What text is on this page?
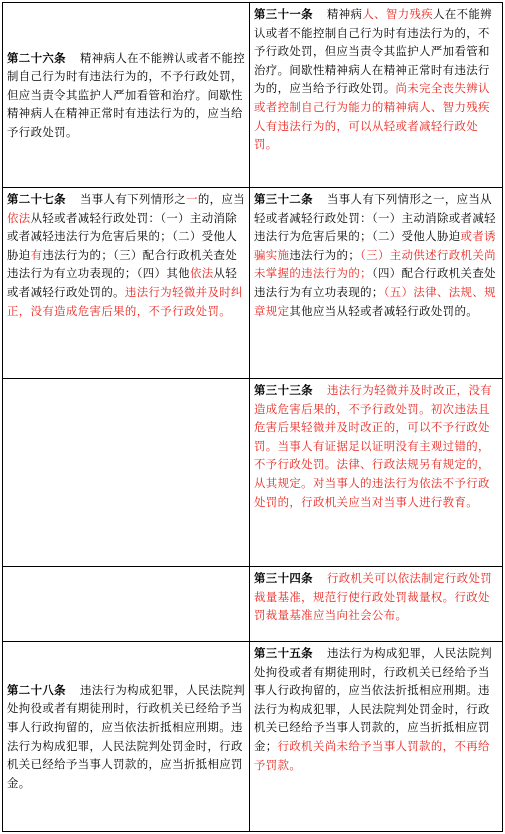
第二十六条 精神病人在不能辨认或者不能控制自己行为时有违法行为的，不予行政处罚，但应当责令其监护人严加看管和治疗。间歇性精神病人在精神正常时有违法行为的，应当给予行政处罚。
第三十一条 精神病人、智力残疾人在不能辨认或者不能控制自己行为时有违法行为的，不予行政处罚，但应当责令其监护人严加看管和治疗。间歇性精神病人在精神正常时有违法行为的，应当给予行政处罚。尚未完全丧失辨认或者控制自己行为能力的精神病人、智力残疾人有违法行为的，可以从轻或者减轻行政处罚。
第二十七条 当事人有下列情形之一的，应当依法从轻或者减轻行政处罚：（一）主动消除或者减轻违法行为危害后果的；（二）受他人胁迫有违法行为的；（三）配合行政机关查处违法行为有立功表现的；（四）其他依法从轻或者减轻行政处罚的。违法行为轻微并及时纠正，没有造成危害后果的，不予行政处罚。
第三十二条 当事人有下列情形之一，应当从轻或者减轻行政处罚：（一）主动消除或者减轻违法行为危害后果的；（二）受他人胁迫或者诱骗实施违法行为的；（三）主动供述行政机关尚未掌握的违法行为的；（四）配合行政机关查处违法行为有立功表现的；（五）法律、法规、规章规定其他应当从轻或者减轻行政处罚的。
第三十三条 违法行为轻微并及时改正，没有造成危害后果的，不予行政处罚。初次违法且危害后果轻微并及时改正的，可以不予行政处罚。当事人有证据足以证明没有主观过错的，不予行政处罚。法律、行政法规另有规定的，从其规定。对当事人的违法行为依法不予行政处罚的，行政机关应当对当事人进行教育。
第三十四条 行政机关可以依法制定行政处罚裁量基准，规范行使行政处罚裁量权。行政处罚裁量基准应当向社会公布。
第二十八条 违法行为构成犯罪，人民法院判处拘役或者有期徒刑时，行政机关已经给予当事人行政拘留的，应当依法折抵相应刑期。违法行为构成犯罪，人民法院判处罚金时，行政机关已经给予当事人罚款的，应当折抵相应罚金。
第三十五条 违法行为构成犯罪，人民法院判处拘役或者有期徒刑时，行政机关已经给予当事人行政拘留的，应当依法折抵相应刑期。违法行为构成犯罪，人民法院判处罚金时，行政机关已经给予当事人罚款的，应当折抵相应罚金；行政机关尚未给予当事人罚款的，不再给予罚款。
